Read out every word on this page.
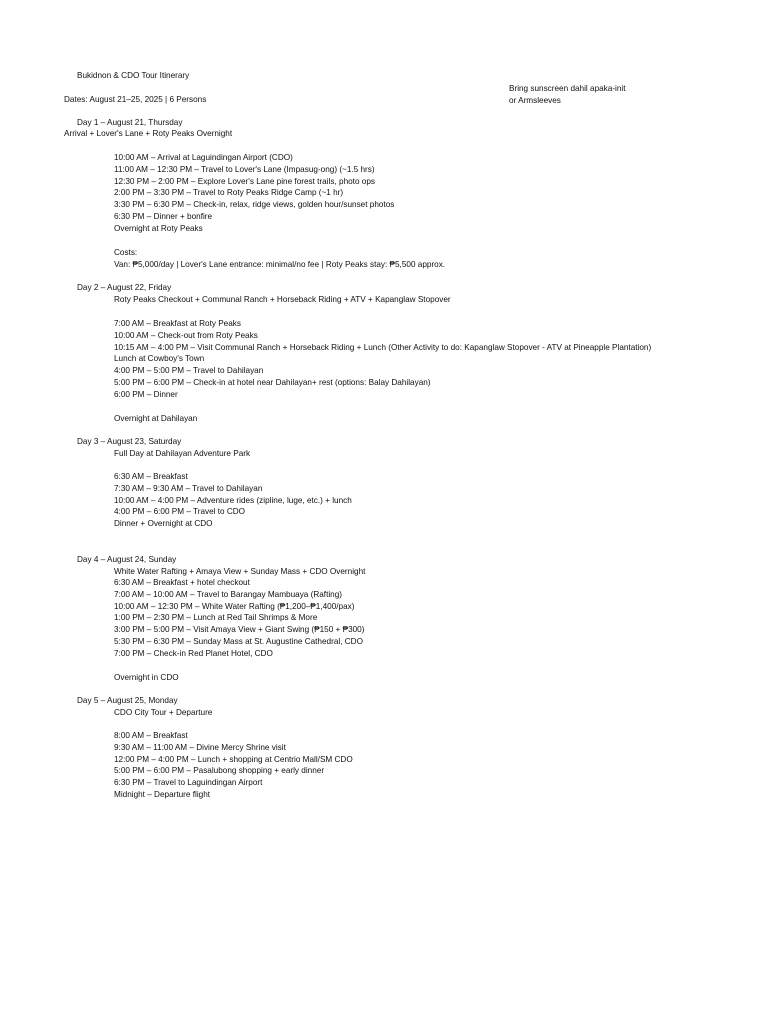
Bukidnon & CDO Tour Itinerary
Dates: August 21–25, 2025 | 6 Persons
Bring sunscreen dahil apaka-init
or Armsleeves
Day 1 – August 21, Thursday
Arrival + Lover's Lane + Roty Peaks Overnight
10:00 AM – Arrival at Laguindingan Airport (CDO)
11:00 AM – 12:30 PM – Travel to Lover's Lane (Impasug-ong) (~1.5 hrs)
12:30 PM – 2:00 PM – Explore Lover's Lane pine forest trails, photo ops
2:00 PM – 3:30 PM – Travel to Roty Peaks Ridge Camp (~1 hr)
3:30 PM – 6:30 PM – Check-in, relax, ridge views, golden hour/sunset photos
6:30 PM – Dinner + bonfire
Overnight at Roty Peaks
Costs:
Van: ₱5,000/day | Lover's Lane entrance: minimal/no fee | Roty Peaks stay: ₱5,500 approx.
Day 2 – August 22, Friday
Roty Peaks Checkout + Communal Ranch + Horseback Riding + ATV + Kapanglaw Stopover
7:00 AM – Breakfast at Roty Peaks
10:00 AM – Check-out from Roty Peaks
10:15 AM – 4:00 PM – Visit Communal Ranch + Horseback Riding + Lunch (Other Activity to do: Kapanglaw Stopover - ATV at Pineapple Plantation)
Lunch at Cowboy's Town
4:00 PM – 5:00 PM – Travel to Dahilayan
5:00 PM – 6:00 PM – Check-in at hotel near Dahilayan+ rest (options: Balay Dahilayan)
6:00 PM – Dinner
Overnight at Dahilayan
Day 3 – August 23, Saturday
Full Day at Dahilayan Adventure Park
6:30 AM – Breakfast
7:30 AM – 9:30 AM – Travel to Dahilayan
10:00 AM – 4:00 PM – Adventure rides (zipline, luge, etc.) + lunch
4:00 PM – 6:00 PM – Travel to CDO
Dinner + Overnight at CDO
Day 4 – August 24, Sunday
White Water Rafting + Amaya View + Sunday Mass + CDO Overnight
6:30 AM – Breakfast + hotel checkout
7:00 AM – 10:00 AM – Travel to Barangay Mambuaya (Rafting)
10:00 AM – 12:30 PM – White Water Rafting (₱1,200–₱1,400/pax)
1:00 PM – 2:30 PM – Lunch at Red Tail Shrimps & More
3:00 PM – 5:00 PM – Visit Amaya View + Giant Swing (₱150 + ₱300)
5:30 PM – 6:30 PM – Sunday Mass at St. Augustine Cathedral, CDO
7:00 PM – Check-in Red Planet Hotel, CDO
Overnight in CDO
Day 5 – August 25, Monday
CDO City Tour + Departure
8:00 AM – Breakfast
9:30 AM – 11:00 AM – Divine Mercy Shrine visit
12:00 PM – 4:00 PM – Lunch + shopping at Centrio Mall/SM CDO
5:00 PM – 6:00 PM – Pasalubong shopping + early dinner
6:30 PM – Travel to Laguindingan Airport
Midnight – Departure flight
